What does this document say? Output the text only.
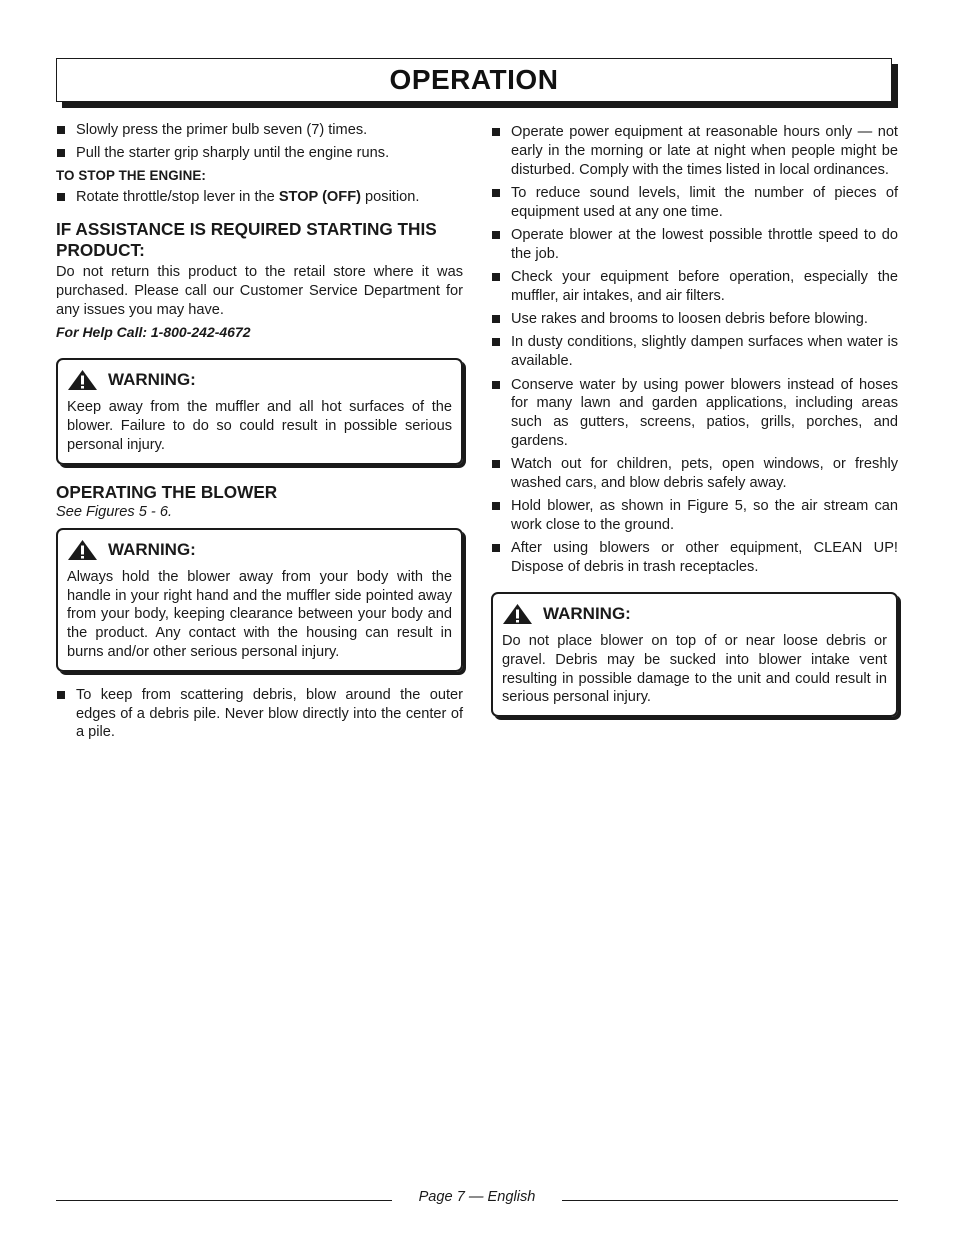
OPERATION

Slowly press the primer bulb seven (7) times.

Pull the starter grip sharply until the engine runs.

TO STOP THE ENGINE:

Rotate throttle/stop lever in the STOP (OFF) position.

IF ASSISTANCE IS REQUIRED STARTING THIS PRODUCT:

Do not return this product to the retail store where it was purchased. Please call our Customer Service Department for any issues you may have.

For Help Call: 1-800-242-4672

WARNING:

Keep away from the muffler and all hot surfaces of the blower. Failure to do so could result in possible serious personal injury.

OPERATING THE BLOWER

See Figures 5 - 6.

WARNING:

Always hold the blower away from your body with the handle in your right hand and the muffler side pointed away from your body, keeping clearance between your body and the product. Any contact with the housing can result in burns and/or other serious personal injury.

To keep from scattering debris, blow around the outer edges of a debris pile. Never blow directly into the center of a pile.

Operate power equipment at reasonable hours only — not early in the morning or late at night when people might be disturbed. Comply with the times listed in local ordinances.

To reduce sound levels, limit the number of pieces of equipment used at any one time.

Operate blower at the lowest possible throttle speed to do the job.

Check your equipment before operation, especially the muffler, air intakes, and air filters.

Use rakes and brooms to loosen debris before blowing.

In dusty conditions, slightly dampen surfaces when water is available.

Conserve water by using power blowers instead of hoses for many lawn and garden applications, including areas such as gutters, screens, patios, grills, porches, and gardens.

Watch out for children, pets, open windows, or freshly washed cars, and blow debris safely away.

Hold blower, as shown in Figure 5, so the air stream can work close to the ground.

After using blowers or other equipment, CLEAN UP! Dispose of debris in trash receptacles.

WARNING:

Do not place blower on top of or near loose debris or gravel. Debris may be sucked into blower intake vent resulting in possible damage to the unit and could result in serious personal injury.

Page 7 — English
